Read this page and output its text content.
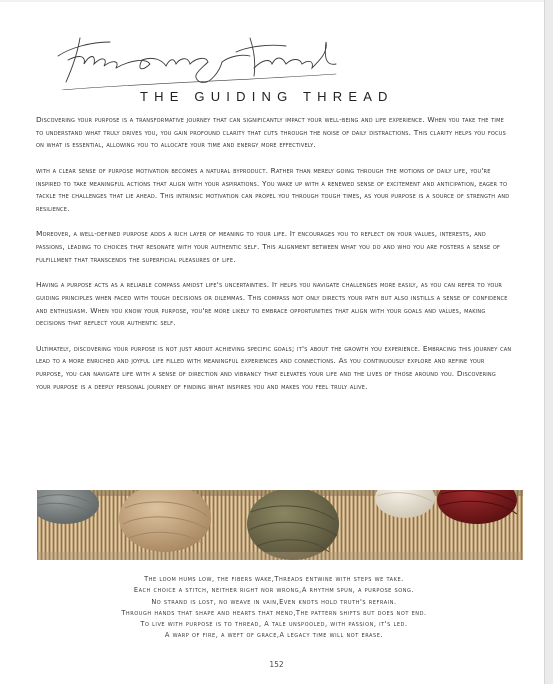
THE GUIDING THREAD

Discovering your purpose is a transformative journey that can significantly impact your well-being and life experience. When you take the time to understand what truly drives you, you gain profound clarity that cuts through the noise of daily distractions. This clarity helps you focus on what is essential, allowing you to allocate your time and energy more effectively.

with a clear sense of purpose motivation becomes a natural byproduct. Rather than merely going through the motions of daily life, you're inspired to take meaningful actions that align with your aspirations. You wake up with a renewed sense of excitement and anticipation, eager to tackle the challenges that lie ahead. This intrinsic motivation can propel you through tough times, as your purpose is a source of strength and resilience.

Moreover, a well-defined purpose adds a rich layer of meaning to your life. It encourages you to reflect on your values, interests, and passions, leading to choices that resonate with your authentic self. This alignment between what you do and who you are fosters a sense of fulfillment that transcends the superficial pleasures of life.

Having a purpose acts as a reliable compass amidst life's uncertainties. It helps you navigate challenges more easily, as you can refer to your guiding principles when faced with tough decisions or dilemmas. This compass not only directs your path but also instills a sense of confidence and enthusiasm. When you know your purpose, you're more likely to embrace opportunities that align with your goals and values, making decisions that reflect your authentic self.

Ultimately, discovering your purpose is not just about achieving specific goals; it's about the growth you experience. Embracing this journey can lead to a more enriched and joyful life filled with meaningful experiences and connections. As you continuously explore and refine your purpose, you can navigate life with a sense of direction and vibrancy that elevates your life and the lives of those around you. Discovering your purpose is a deeply personal journey of finding what inspires you and makes you feel truly alive.

The loom hums low, the fibers wake,Threads entwine with steps we take.
Each choice a stitch, neither right nor wrong,A rhythm spun, a purpose song.
No strand is lost, no weave in vain,Even knots hold truth's refrain.
Through hands that shape and hearts that mend,The pattern shifts but does not end.
To live with purpose is to thread, A tale unspooled, with passion, it's led.
A warp of fire, a weft of grace,A legacy time will not erase.
152
